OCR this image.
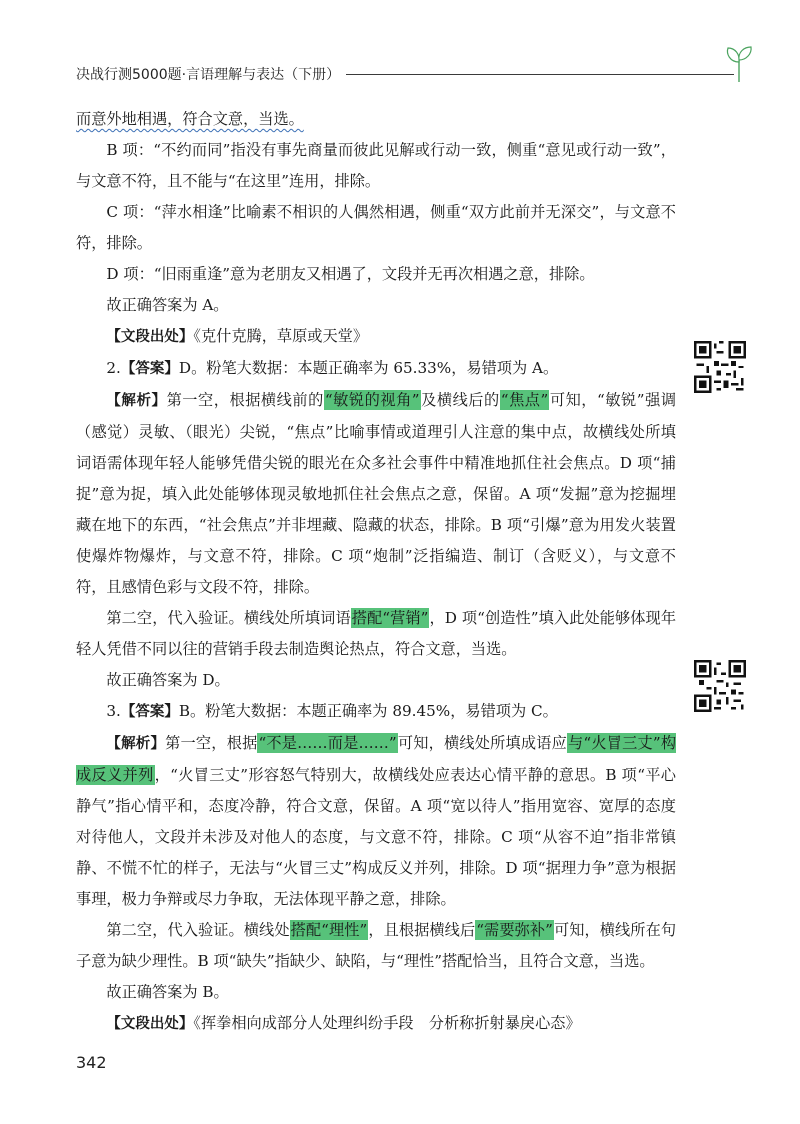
决战行测5000题·言语理解与表达（下册）

而意外地相遇，符合文意，当选。

B 项：“不约而同”指没有事先商量而彼此见解或行动一致，侧重“意见或行动一致”，与文意不符，且不能与“在这里”连用，排除。

C 项：“萍水相逢”比喻素不相识的人偶然相遇，侧重“双方此前并无深交”，与文意不符，排除。

D 项：“旧雨重逢”意为老朋友又相遇了，文段并无再次相遇之意，排除。

故正确答案为 A。

【文段出处】《克什克腾，草原或天堂》

2.【答案】D。粉笔大数据：本题正确率为 65.33%，易错项为 A。

【解析】第一空，根据横线前的“敏锐的视角”及横线后的“焦点”可知，“敏锐”强调（感觉）灵敏、（眼光）尖锐，“焦点”比喻事情或道理引人注意的集中点，故横线处所填词语需体现年轻人能够凭借尖锐的眼光在众多社会事件中精准地抓住社会焦点。D 项“捕捉”意为捉，填入此处能够体现灵敏地抓住社会焦点之意，保留。A 项“发掘”意为挖掘埋藏在地下的东西，“社会焦点”并非埋藏、隐藏的状态，排除。B 项“引爆”意为用发火装置使爆炸物爆炸，与文意不符，排除。C 项“炮制”泛指编造、制订（含贬义），与文意不符，且感情色彩与文段不符，排除。

第二空，代入验证。横线处所填词语搭配“营销”，D 项“创造性”填入此处能够体现年轻人凭借不同以往的营销手段去制造舆论热点，符合文意，当选。

故正确答案为 D。

3.【答案】B。粉笔大数据：本题正确率为 89.45%，易错项为 C。

【解析】第一空，根据“不是……而是……”可知，横线处所填成语应与“火冒三丈”构成反义并列，“火冒三丈”形容怒气特别大，故横线处应表达心情平静的意思。B 项“平心静气”指心情平和，态度冷静，符合文意，保留。A 项“宽以待人”指用宽容、宽厚的态度对待他人，文段并未涉及对他人的态度，与文意不符，排除。C 项“从容不迫”指非常镇静、不慌不忙的样子，无法与“火冒三丈”构成反义并列，排除。D 项“据理力争”意为根据事理，极力争辩或尽力争取，无法体现平静之意，排除。

第二空，代入验证。横线处搭配“理性”，且根据横线后“需要弥补”可知，横线所在句子意为缺少理性。B 项“缺失”指缺少、缺陷，与“理性”搭配恰当，且符合文意，当选。

故正确答案为 B。

【文段出处】《挥拳相向成部分人处理纠纷手段　分析称折射暴戾心态》

342
